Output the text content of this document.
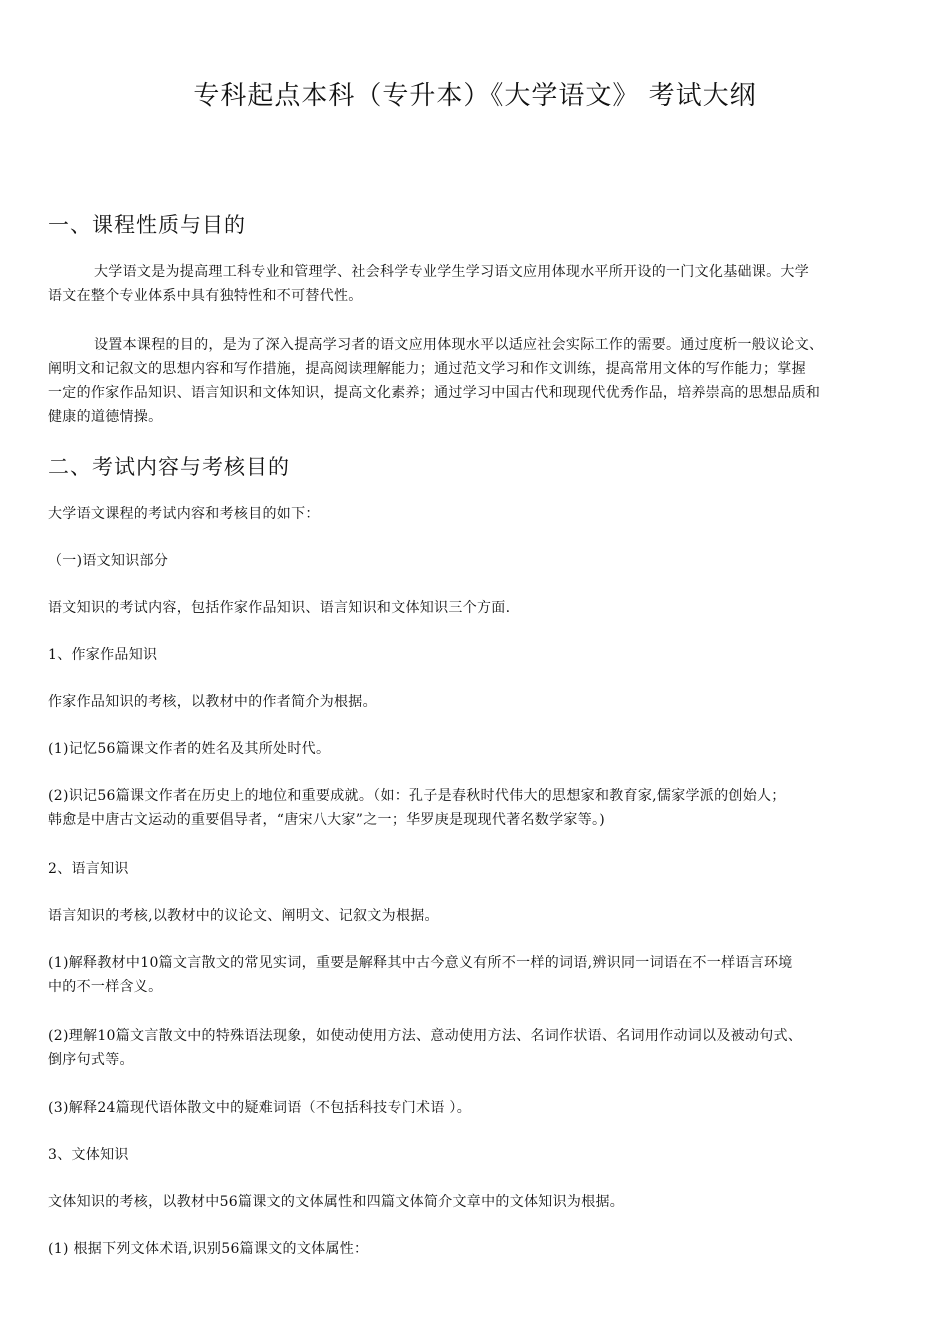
专科起点本科（专升本）《大学语文》 考试大纲
一、课程性质与目的
大学语文是为提高理工科专业和管理学、社会科学专业学生学习语文应用体现水平所开设的一门文化基础课。大学
语文在整个专业体系中具有独特性和不可替代性。
设置本课程的目的，是为了深入提高学习者的语文应用体现水平以适应社会实际工作的需要。通过度析一般议论文、
阐明文和记叙文的思想内容和写作措施，提高阅读理解能力；通过范文学习和作文训练，提高常用文体的写作能力；掌握
一定的作家作品知识、语言知识和文体知识，提高文化素养；通过学习中国古代和现现代优秀作品，培养崇高的思想品质和
健康的道德情操。
二、考试内容与考核目的
大学语文课程的考试内容和考核目的如下：
（一)语文知识部分
语文知识的考试内容，包括作家作品知识、语言知识和文体知识三个方面.
1、作家作品知识
作家作品知识的考核，以教材中的作者简介为根据。
(1)记忆56篇课文作者的姓名及其所处时代。
(2)识记56篇课文作者在历史上的地位和重要成就。（如：孔子是春秋时代伟大的思想家和教育家,儒家学派的创始人；
韩愈是中唐古文运动的重要倡导者，“唐宋八大家”之一；华罗庚是现现代著名数学家等。)
2、语言知识
语言知识的考核,以教材中的议论文、阐明文、记叙文为根据。
(1)解释教材中10篇文言散文的常见实词，重要是解释其中古今意义有所不一样的词语,辨识同一词语在不一样语言环境
中的不一样含义。
(2)理解10篇文言散文中的特殊语法现象，如使动使用方法、意动使用方法、名词作状语、名词用作动词以及被动句式、
倒序句式等。
(3)解释24篇现代语体散文中的疑难词语（不包括科技专门术语 ）。
3、文体知识
文体知识的考核，以教材中56篇课文的文体属性和四篇文体简介文章中的文体知识为根据。
(1) 根据下列文体术语,识别56篇课文的文体属性：
